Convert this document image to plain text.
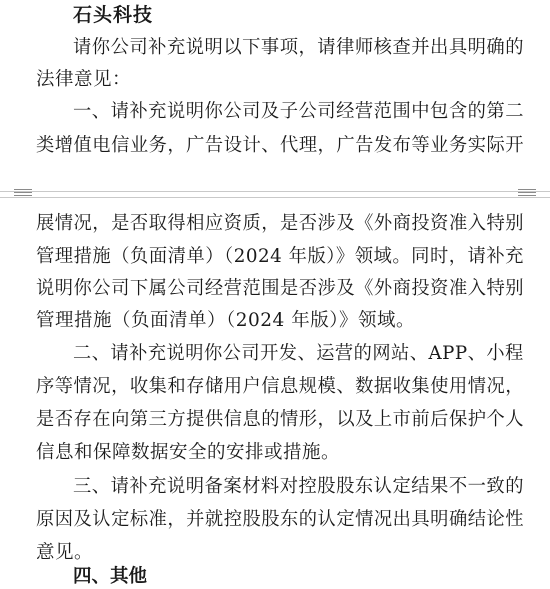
石头科技
请你公司补充说明以下事项，请律师核查并出具明确的
法律意见：
一、请补充说明你公司及子公司经营范围中包含的第二
类增值电信业务，广告设计、代理，广告发布等业务实际开
展情况，是否取得相应资质，是否涉及《外商投资准入特别
管理措施（负面清单）（2024 年版）》领域。同时，请补充
说明你公司下属公司经营范围是否涉及《外商投资准入特别
管理措施（负面清单）（2024 年版）》领域。
二、请补充说明你公司开发、运营的网站、APP、小程
序等情况，收集和存储用户信息规模、数据收集使用情况，
是否存在向第三方提供信息的情形，以及上市前后保护个人
信息和保障数据安全的安排或措施。
三、请补充说明备案材料对控股股东认定结果不一致的
原因及认定标准，并就控股股东的认定情况出具明确结论性
意见。
四、其他
